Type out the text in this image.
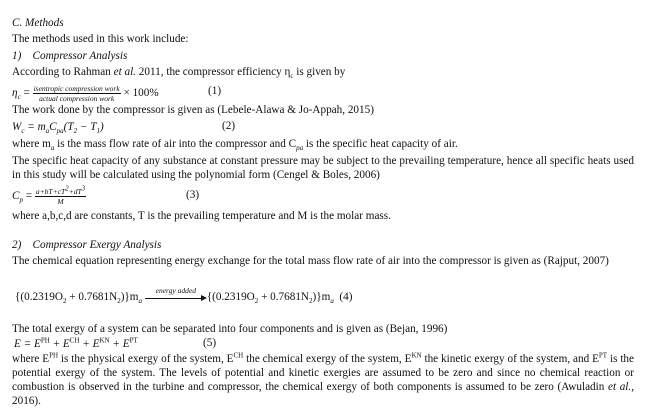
C. Methods
The methods used in this work include:
1) Compressor Analysis
According to Rahman et al. 2011, the compressor efficiency $\eta_c$ is given by
$\eta_c = \frac{\text{isentropic compression work}}{\text{actual compression work}} \times 100\%$	(1)
The work done by the compressor is given as (Lebele-Alawa & Jo-Appah, 2015)
$W_c = m_aC_{pa}(T_2 - T_1)$	(2)
where $m_a$ is the mass flow rate of air into the compressor and $C_{pa}$ is the specific heat capacity of air.
The specific heat capacity of any substance at constant pressure may be subject to the prevailing temperature, hence all specific heats used in this study will be calculated using the polynomial form (Cengel & Boles, 2006)
$C_p = \frac{a+bT+cT^2+dT^3}{M}$	(3)
where a,b,c,d are constants, T is the prevailing temperature and M is the molar mass.
2) Compressor Exergy Analysis
The chemical equation representing energy exchange for the total mass flow rate of air into the compressor is given as (Rajput, 2007)
$\{(0.2319O_2 + 0.7681N_2)\}m_a$
energy added
$\{(0.2319O_2 + 0.7681N_2)\}m_a$ (4)
The total exergy of a system can be separated into four components and is given as (Bejan, 1996)
$E = E^{PH} + E^{CH} + E^{KN} + E^{PT}$	(5)
where $E^{PH}$ is the physical exergy of the system, $E^{CH}$ the chemical exergy of the system, $E^{KN}$ the kinetic exergy of the system, and $E^{PT}$ is the potential exergy of the system. The levels of potential and kinetic exergies are assumed to be zero and since no chemical reaction or combustion is observed in the turbine and compressor, the chemical exergy of both components is assumed to be zero (Awuladin et al., 2016).
